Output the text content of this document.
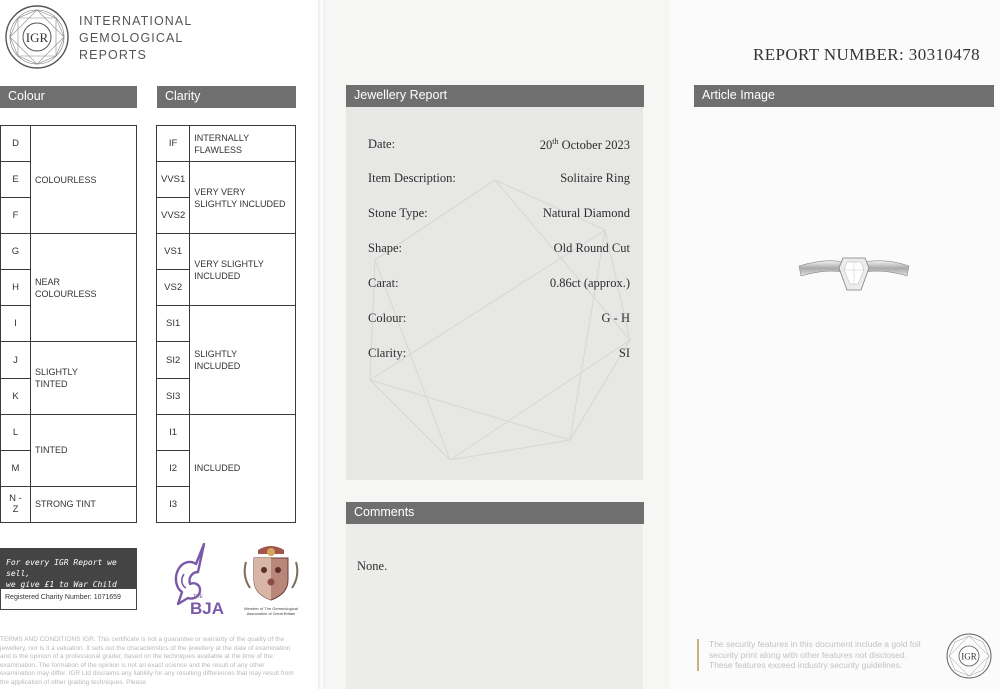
IGR
INTERNATIONAL
GEMOLOGICAL
REPORTS
Colour	Clarity
D	COLOURLESS
E	
F	
G	NEAR
COLOURLESS
H	
I	
J	SLIGHTLY
TINTED
K	
L	TINTED
M	
N - Z	STRONG TINT
IF	INTERNALLY FLAWLESS
VVS1	VERY VERY
SLIGHTLY INCLUDED
VVS2	
VS1	VERY SLIGHTLY
INCLUDED
VS2	
SI1	SLIGHTLY
INCLUDED
SI2	
SI3	
I1	INCLUDED
I2	
I3	
For every IGR Report we sell,
we give £1 to War Child
Registered Charity Number: 1071659	THE
BJA	Member of The Gemmological
Association of Great Britain
TERMS AND CONDITIONS IGR. This certificate is not a guarantee or warranty of the quality of the jewellery, nor is it a valuation. It sets out the characteristics of the jewellery at the date of examination and is the opinion of a professional grader, based on the techniques available at the time of the examination. The formation of the opinion is not an exact science and the result of any other examination may differ. IGR Ltd disclaims any liability for any resulting differences that may result from the application of other grading techniques. Please
Jewellery Report
Date:	20th October 2023
Item Description:	Solitaire Ring
Stone Type:	Natural Diamond
Shape:	Old Round Cut
Carat:	0.86ct (approx.)
Colour:	G - H
Clarity:	SI
Comments
None.
REPORT NUMBER: 30310478
Article Image
The security features in this document include a gold foil security print along with other features not disclosed. These features exceed industry security guidelines.
IGR
